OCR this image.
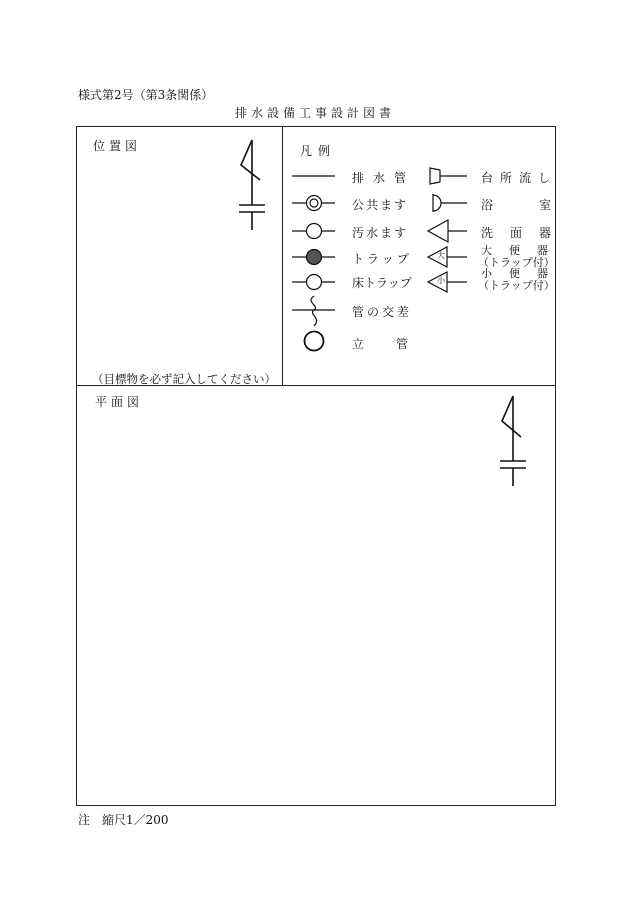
様式第2号（第3条関係）
排水設備工事設計図書
位置図
（目標物を必ず記入してください）
平面図
凡例
排水管
公共ます
汚水ます
トラップ
床トラップ
管の交差
立管
台所流し
浴室
洗面器
大便器
（トラップ付）
小便器
（トラップ付）
注　縮尺1／200
大
小
